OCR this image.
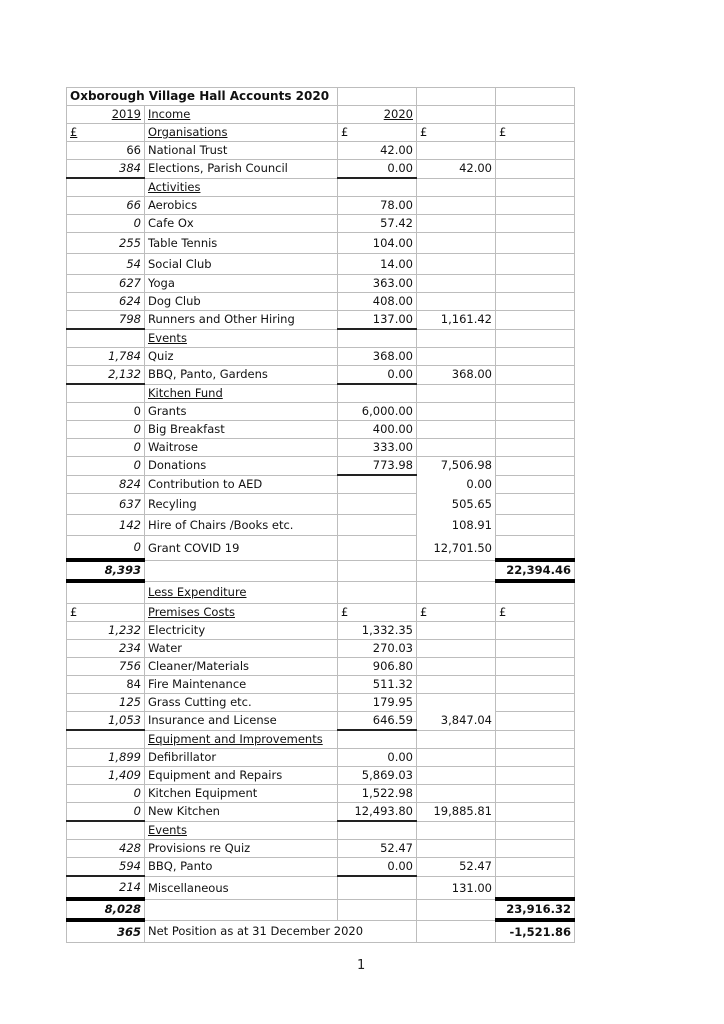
Oxborough Village Hall Accounts 2020				
2019	Income	2020		
£	Organisations	£	£	£
66	National Trust	42.00		
384	Elections, Parish Council	0.00	42.00	
	Activities			
66	Aerobics	78.00		
0	Cafe Ox	57.42		
255	Table Tennis	104.00		
54	Social Club	14.00		
627	Yoga	363.00		
624	Dog Club	408.00		
798	Runners and Other Hiring	137.00	1,161.42	
	Events			
1,784	Quiz	368.00		
2,132	BBQ, Panto, Gardens	0.00	368.00	
	Kitchen Fund			
0	Grants	6,000.00		
0	Big Breakfast	400.00		
0	Waitrose	333.00		
0	Donations	773.98	7,506.98	
824	Contribution to AED		0.00	
637	Recyling		505.65	
142	Hire of Chairs /Books etc.		108.91	
0	Grant COVID 19		12,701.50	
8,393				22,394.46
	Less Expenditure			
£	Premises Costs	£	£	£
1,232	Electricity	1,332.35		
234	Water	270.03		
756	Cleaner/Materials	906.80		
84	Fire Maintenance	511.32		
125	Grass Cutting etc.	179.95		
1,053	Insurance and License	646.59	3,847.04	
	Equipment and Improvements			
1,899	Defibrillator	0.00		
1,409	Equipment and Repairs	5,869.03		
0	Kitchen Equipment	1,522.98		
0	New Kitchen	12,493.80	19,885.81	
	Events			
428	Provisions re Quiz	52.47		
594	BBQ, Panto	0.00	52.47	
214	Miscellaneous		131.00	
8,028				23,916.32
365	Net Position as at 31 December 2020			-1,521.86
1
